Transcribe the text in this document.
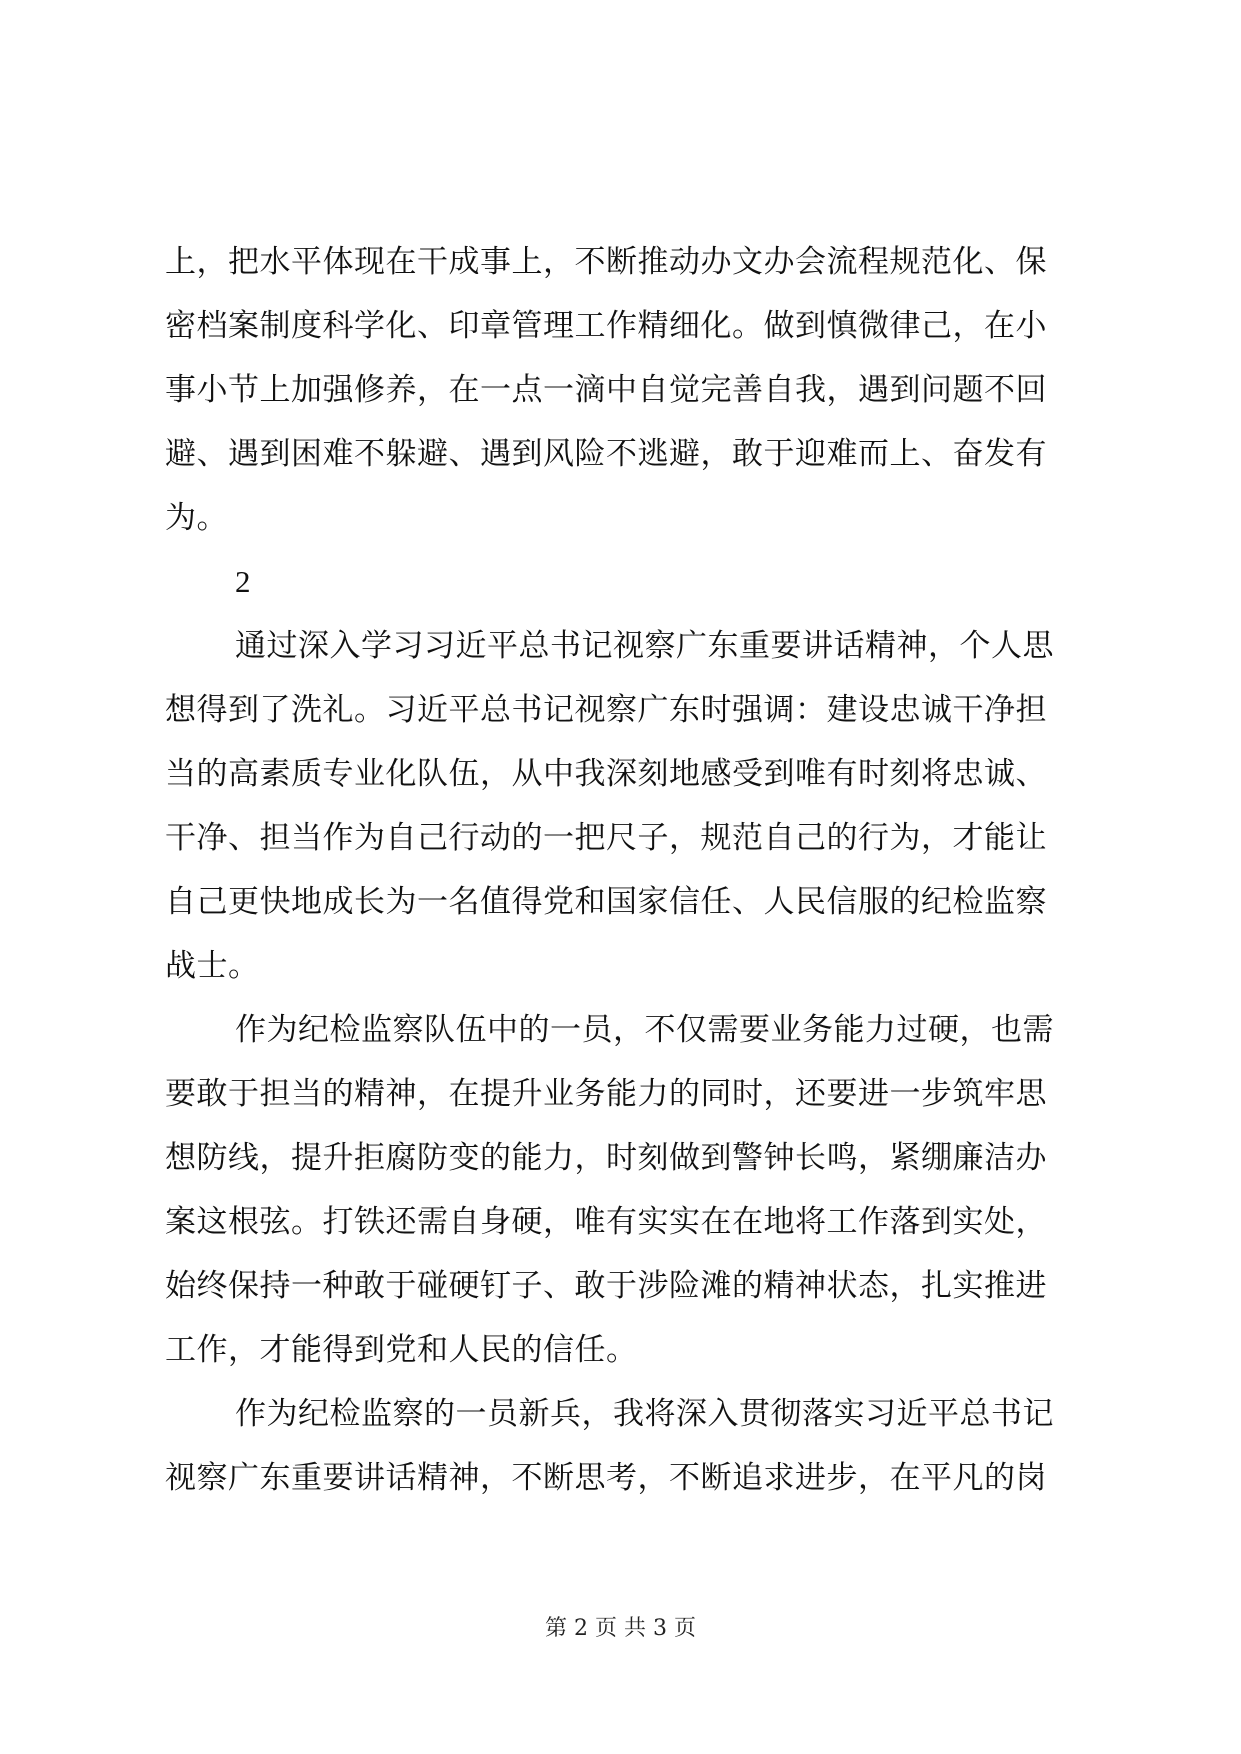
上，把水平体现在干成事上，不断推动办文办会流程规范化、保
密档案制度科学化、印章管理工作精细化。做到慎微律己，在小
事小节上加强修养，在一点一滴中自觉完善自我，遇到问题不回
避、遇到困难不躲避、遇到风险不逃避，敢于迎难而上、奋发有
为。
2
通过深入学习习近平总书记视察广东重要讲话精神，个人思
想得到了洗礼。习近平总书记视察广东时强调：建设忠诚干净担
当的高素质专业化队伍，从中我深刻地感受到唯有时刻将忠诚、
干净、担当作为自己行动的一把尺子，规范自己的行为，才能让
自己更快地成长为一名值得党和国家信任、人民信服的纪检监察
战士。
作为纪检监察队伍中的一员，不仅需要业务能力过硬，也需
要敢于担当的精神，在提升业务能力的同时，还要进一步筑牢思
想防线，提升拒腐防变的能力，时刻做到警钟长鸣，紧绷廉洁办
案这根弦。打铁还需自身硬，唯有实实在在地将工作落到实处，
始终保持一种敢于碰硬钉子、敢于涉险滩的精神状态，扎实推进
工作，才能得到党和人民的信任。
作为纪检监察的一员新兵，我将深入贯彻落实习近平总书记
视察广东重要讲话精神，不断思考，不断追求进步，在平凡的岗
第 2 页 共 3 页
